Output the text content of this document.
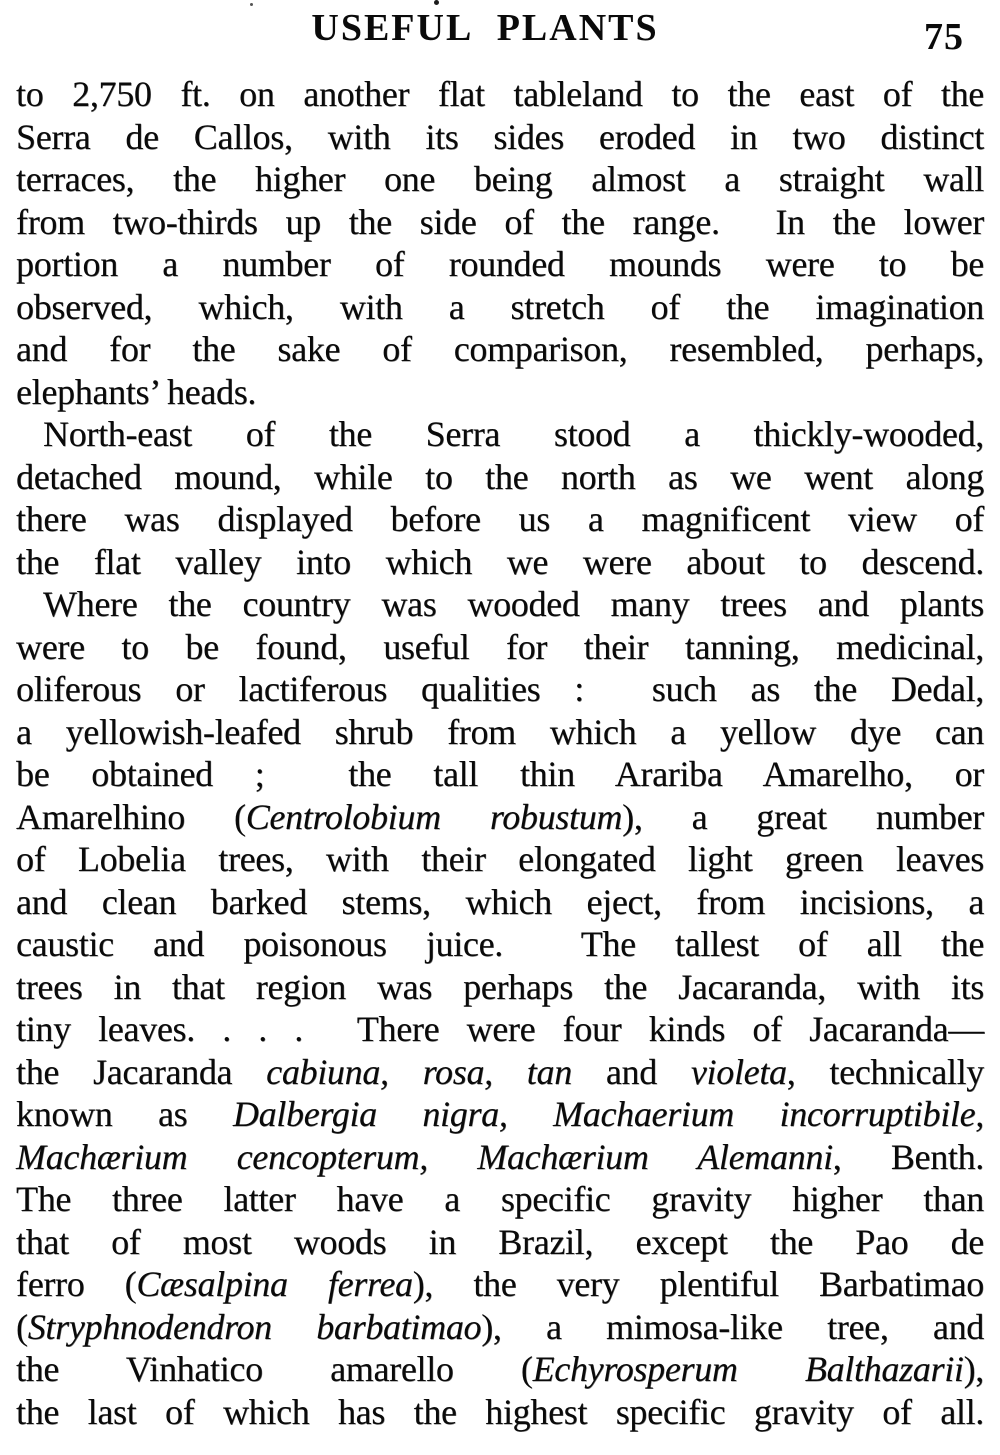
USEFUL PLANTS	75
to 2,750 ft. on another flat tableland to the east of the
Serra de Callos, with its sides eroded in two distinct
terraces, the higher one being almost a straight wall
from two-thirds up the side of the range.  In the lower
portion a number of rounded mounds were to be
observed, which, with a stretch of the imagination
and for the sake of comparison, resembled, perhaps,
elephants’ heads.
North-east of the Serra stood a thickly-wooded,
detached mound, while to the north as we went along
there was displayed before us a magnificent view of
the flat valley into which we were about to descend.
Where the country was wooded many trees and plants
were to be found, useful for their tanning, medicinal,
oliferous or lactiferous qualities :  such as the Dedal,
a yellowish-leafed shrub from which a yellow dye can
be obtained ;  the tall thin Arariba Amarelho, or
Amarelhino (Centrolobium robustum), a great number
of Lobelia trees, with their elongated light green leaves
and clean barked stems, which eject, from incisions, a
caustic and poisonous juice.  The tallest of all the
trees in that region was perhaps the Jacaranda, with its
tiny leaves. . . .  There were four kinds of Jacaranda—
the Jacaranda cabiuna, rosa, tan and violeta, technically
known as Dalbergia nigra, Machaerium incorruptibile,
Machærium cencopterum, Machærium Alemanni, Benth.
The three latter have a specific gravity higher than
that of most woods in Brazil, except the Pao de
ferro (Cæsalpina ferrea), the very plentiful Barbatimao
(Stryphnodendron barbatimao), a mimosa-like tree, and
the Vinhatico amarello (Echyrosperum Balthazarii),
the last of which has the highest specific gravity of all.
